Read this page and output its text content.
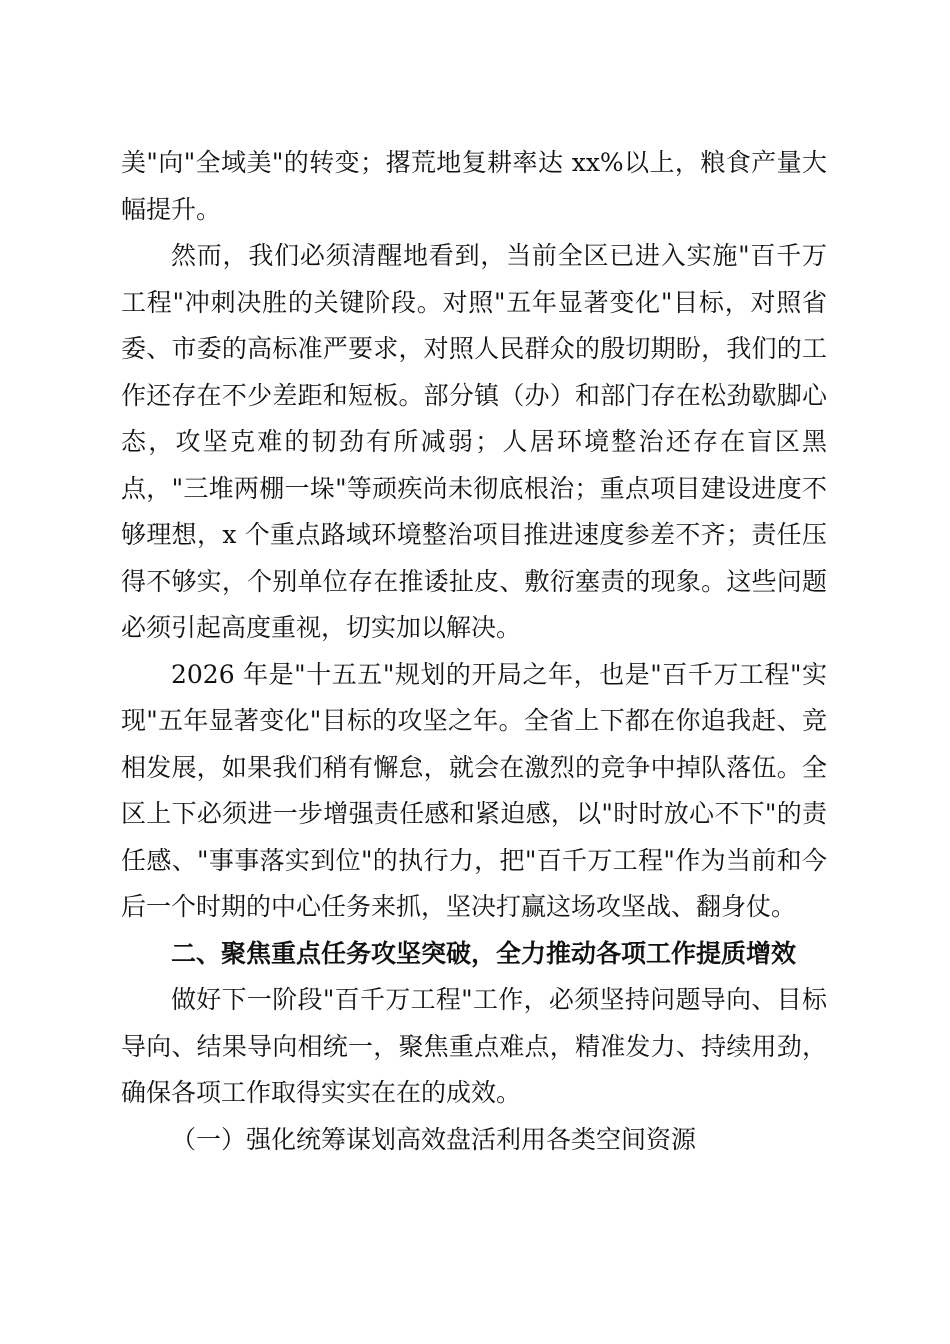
美"向"全域美"的转变；撂荒地复耕率达 xx%以上，粮食产量大幅提升。

然而，我们必须清醒地看到，当前全区已进入实施"百千万工程"冲刺决胜的关键阶段。对照"五年显著变化"目标，对照省委、市委的高标准严要求，对照人民群众的殷切期盼，我们的工作还存在不少差距和短板。部分镇（办）和部门存在松劲歇脚心态，攻坚克难的韧劲有所减弱；人居环境整治还存在盲区黑点，"三堆两棚一垛"等顽疾尚未彻底根治；重点项目建设进度不够理想，x 个重点路域环境整治项目推进速度参差不齐；责任压得不够实，个别单位存在推诿扯皮、敷衍塞责的现象。这些问题必须引起高度重视，切实加以解决。

2026 年是"十五五"规划的开局之年，也是"百千万工程"实现"五年显著变化"目标的攻坚之年。全省上下都在你追我赶、竞相发展，如果我们稍有懈怠，就会在激烈的竞争中掉队落伍。全区上下必须进一步增强责任感和紧迫感，以"时时放心不下"的责任感、"事事落实到位"的执行力，把"百千万工程"作为当前和今后一个时期的中心任务来抓，坚决打赢这场攻坚战、翻身仗。

二、聚焦重点任务攻坚突破，全力推动各项工作提质增效

做好下一阶段"百千万工程"工作，必须坚持问题导向、目标导向、结果导向相统一，聚焦重点难点，精准发力、持续用劲，确保各项工作取得实实在在的成效。

（一）强化统筹谋划高效盘活利用各类空间资源
